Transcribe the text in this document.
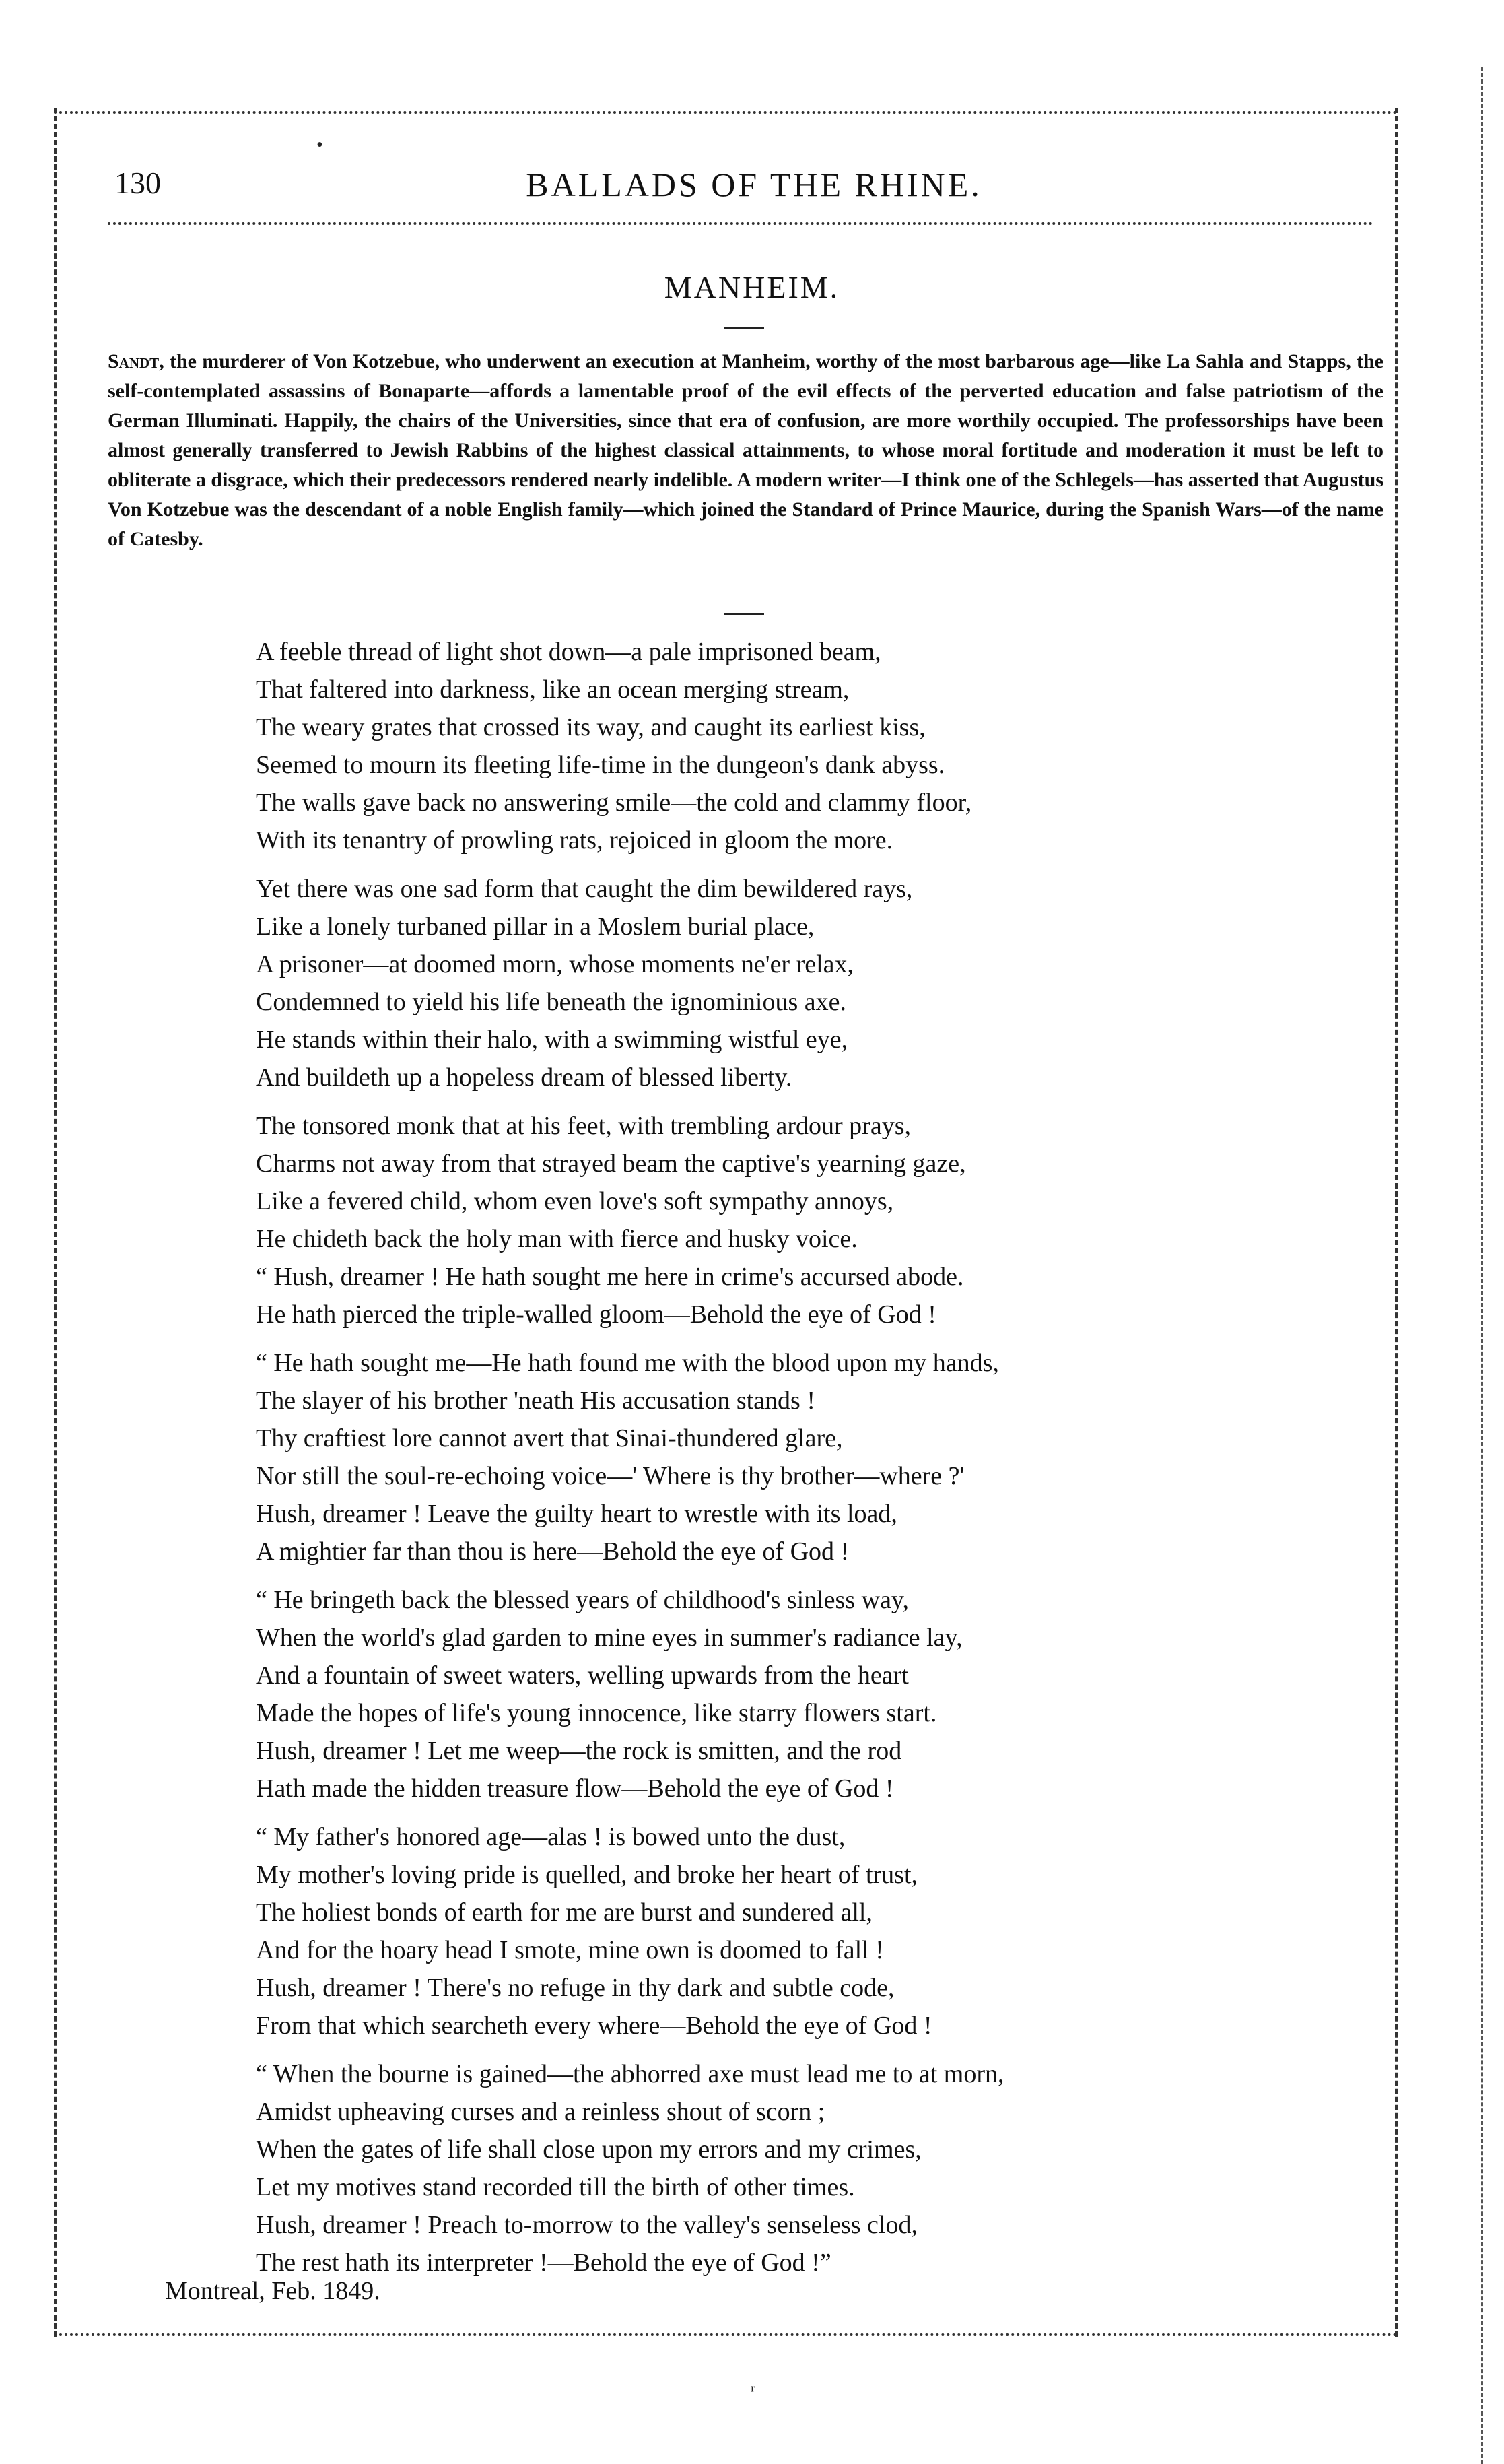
130	BALLADS OF THE RHINE.
MANHEIM.
Sandt, the murderer of Von Kotzebue, who underwent an execution at Manheim, worthy of the most barbarous age—like La Sahla and Stapps, the self-contemplated assassins of Bonaparte—affords a lamentable proof of the evil effects of the perverted education and false patriotism of the German Illuminati. Happily, the chairs of the Universities, since that era of confusion, are more worthily occupied. The professorships have been almost generally transferred to Jewish Rabbins of the highest classical attainments, to whose moral fortitude and moderation it must be left to obliterate a disgrace, which their predecessors rendered nearly indelible. A modern writer—I think one of the Schlegels—has asserted that Augustus Von Kotzebue was the descendant of a noble English family—which joined the Standard of Prince Maurice, during the Spanish Wars—of the name of Catesby.
A feeble thread of light shot down—a pale imprisoned beam,
That faltered into darkness, like an ocean merging stream,
The weary grates that crossed its way, and caught its earliest kiss,
Seemed to mourn its fleeting life-time in the dungeon's dank abyss.
The walls gave back no answering smile—the cold and clammy floor,
With its tenantry of prowling rats, rejoiced in gloom the more.
Yet there was one sad form that caught the dim bewildered rays,
Like a lonely turbaned pillar in a Moslem burial place,
A prisoner—at doomed morn, whose moments ne'er relax,
Condemned to yield his life beneath the ignominious axe.
He stands within their halo, with a swimming wistful eye,
And buildeth up a hopeless dream of blessed liberty.
The tonsored monk that at his feet, with trembling ardour prays,
Charms not away from that strayed beam the captive's yearning gaze,
Like a fevered child, whom even love's soft sympathy annoys,
He chideth back the holy man with fierce and husky voice.
“ Hush, dreamer ! He hath sought me here in crime's accursed abode.
He hath pierced the triple-walled gloom—Behold the eye of God !
“ He hath sought me—He hath found me with the blood upon my hands,
The slayer of his brother 'neath His accusation stands !
Thy craftiest lore cannot avert that Sinai-thundered glare,
Nor still the soul-re-echoing voice—' Where is thy brother—where ?'
Hush, dreamer ! Leave the guilty heart to wrestle with its load,
A mightier far than thou is here—Behold the eye of God !
“ He bringeth back the blessed years of childhood's sinless way,
When the world's glad garden to mine eyes in summer's radiance lay,
And a fountain of sweet waters, welling upwards from the heart
Made the hopes of life's young innocence, like starry flowers start.
Hush, dreamer ! Let me weep—the rock is smitten, and the rod
Hath made the hidden treasure flow—Behold the eye of God !
“ My father's honored age—alas ! is bowed unto the dust,
My mother's loving pride is quelled, and broke her heart of trust,
The holiest bonds of earth for me are burst and sundered all,
And for the hoary head I smote, mine own is doomed to fall !
Hush, dreamer ! There's no refuge in thy dark and subtle code,
From that which searcheth every where—Behold the eye of God !
“ When the bourne is gained—the abhorred axe must lead me to at morn,
Amidst upheaving curses and a reinless shout of scorn ;
When the gates of life shall close upon my errors and my crimes,
Let my motives stand recorded till the birth of other times.
Hush, dreamer ! Preach to-morrow to the valley's senseless clod,
The rest hath its interpreter !—Behold the eye of God !”
Montreal, Feb. 1849.
•
ʳ
